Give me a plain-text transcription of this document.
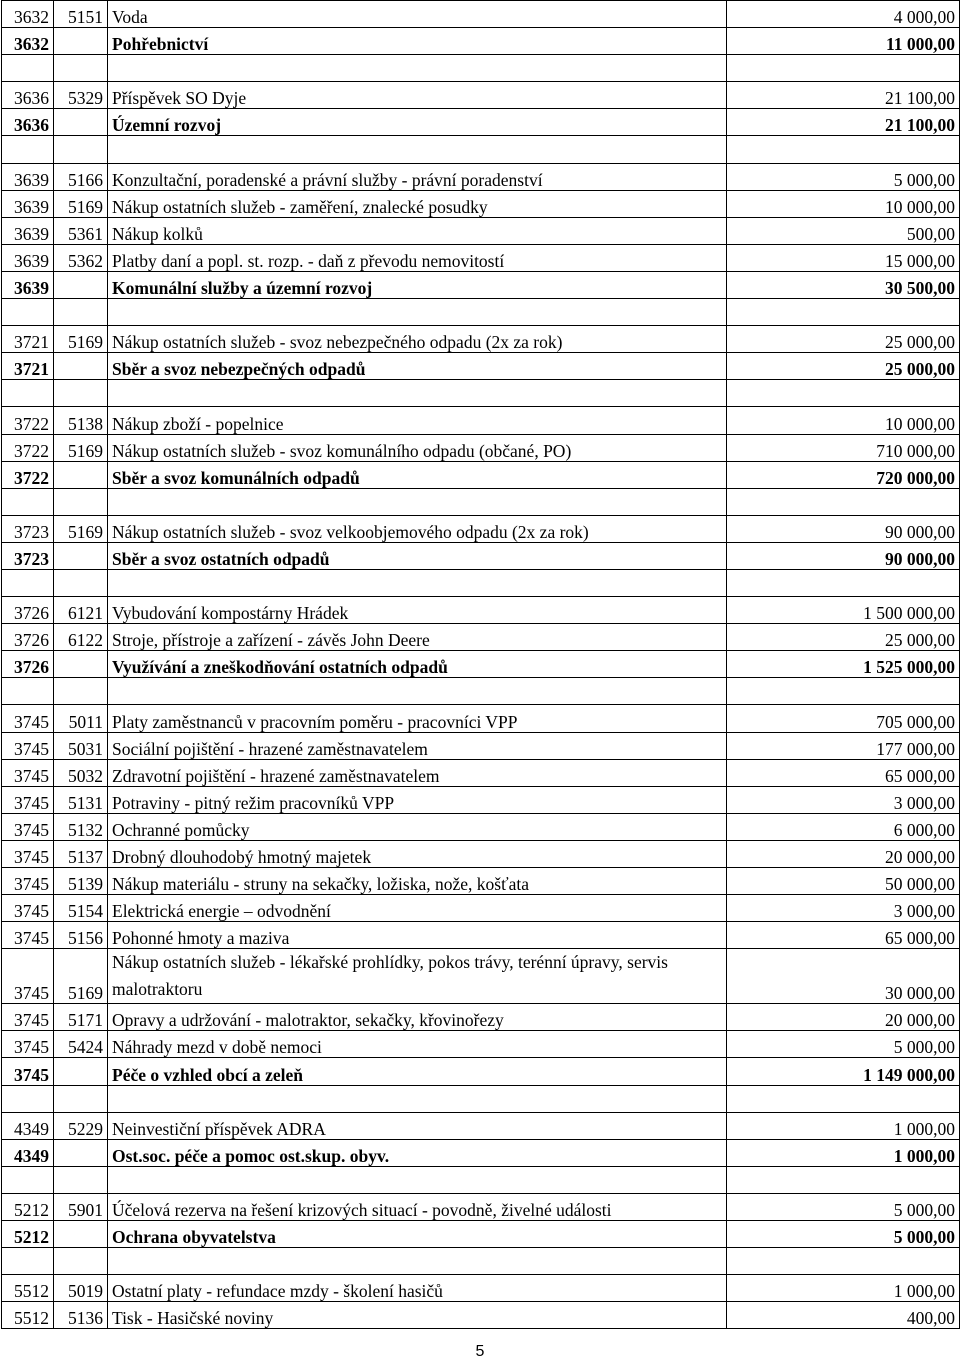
3632	5151	Voda	4 000,00
3632		Pohřebnictví	11 000,00

3636	5329	Příspěvek SO Dyje	21 100,00
3636		Územní rozvoj	21 100,00

3639	5166	Konzultační, poradenské a právní služby - právní poradenství	5 000,00
3639	5169	Nákup ostatních služeb - zaměření, znalecké posudky	10 000,00
3639	5361	Nákup kolků	500,00
3639	5362	Platby daní a popl. st. rozp. - daň z převodu nemovitostí	15 000,00
3639		Komunální služby a územní rozvoj	30 500,00

3721	5169	Nákup ostatních služeb - svoz nebezpečného odpadu (2x za rok)	25 000,00
3721		Sběr a svoz nebezpečných odpadů	25 000,00

3722	5138	Nákup zboží - popelnice	10 000,00
3722	5169	Nákup ostatních služeb - svoz komunálního odpadu (občané, PO)	710 000,00
3722		Sběr a svoz komunálních odpadů	720 000,00

3723	5169	Nákup ostatních služeb - svoz velkoobjemového odpadu (2x za rok)	90 000,00
3723		Sběr a svoz ostatních odpadů	90 000,00

3726	6121	Vybudování kompostárny Hrádek	1 500 000,00
3726	6122	Stroje, přístroje a zařízení - závěs John Deere	25 000,00
3726		Využívání a zneškodňování ostatních odpadů	1 525 000,00

3745	5011	Platy zaměstnanců v pracovním poměru - pracovníci VPP	705 000,00
3745	5031	Sociální pojištění - hrazené zaměstnavatelem	177 000,00
3745	5032	Zdravotní pojištění - hrazené zaměstnavatelem	65 000,00
3745	5131	Potraviny - pitný režim pracovníků VPP	3 000,00
3745	5132	Ochranné pomůcky	6 000,00
3745	5137	Drobný dlouhodobý hmotný majetek	20 000,00
3745	5139	Nákup materiálu - struny na sekačky, ložiska, nože, košťata	50 000,00
3745	5154	Elektrická energie – odvodnění	3 000,00
3745	5156	Pohonné hmoty a maziva	65 000,00
3745	5169	Nákup ostatních služeb - lékařské prohlídky, pokos trávy, terénní úpravy, servis malotraktoru	30 000,00
3745	5171	Opravy a udržování - malotraktor, sekačky, křovinořezy	20 000,00
3745	5424	Náhrady mezd v době nemoci	5 000,00
3745		Péče o vzhled obcí a zeleň	1 149 000,00

4349	5229	Neinvestiční příspěvek ADRA	1 000,00
4349		Ost.soc. péče a pomoc ost.skup. obyv.	1 000,00

5212	5901	Účelová rezerva na řešení krizových situací - povodně, živelné události	5 000,00
5212		Ochrana obyvatelstva	5 000,00

5512	5019	Ostatní platy - refundace mzdy - školení hasičů	1 000,00
5512	5136	Tisk - Hasičské noviny	400,00
5
